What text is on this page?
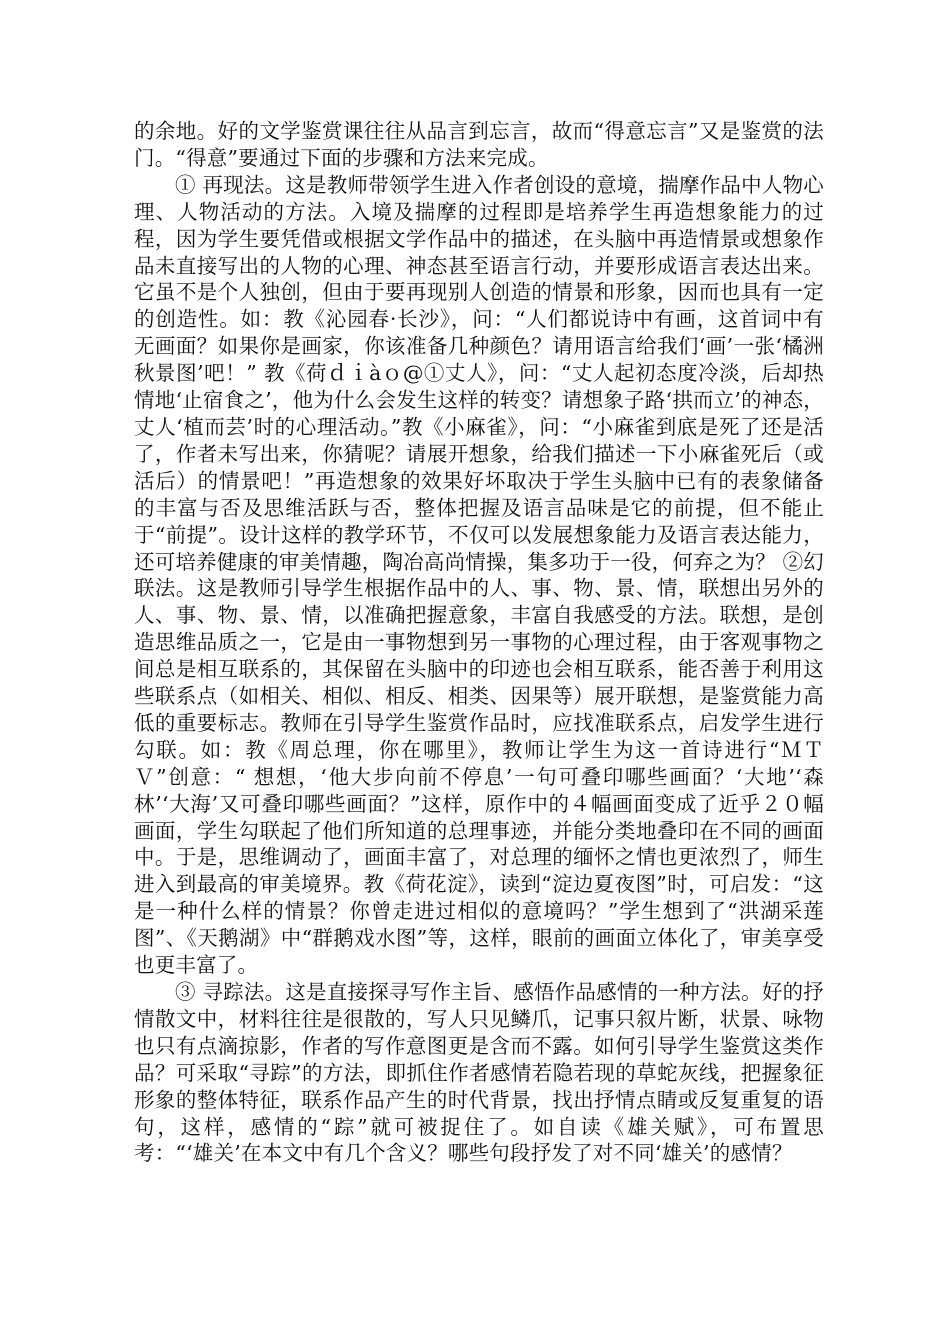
的余地。好的文学鉴赏课往往从品言到忘言，故而“得意忘言”又是鉴赏的法门。“得意”要通过下面的步骤和方法来完成。

① 再现法。这是教师带领学生进入作者创设的意境，揣摩作品中人物心理、人物活动的方法。入境及揣摩的过程即是培养学生再造想象能力的过程，因为学生要凭借或根据文学作品中的描述，在头脑中再造情景或想象作品未直接写出的人物的心理、神态甚至语言行动，并要形成语言表达出来。它虽不是个人独创，但由于要再现别人创造的情景和形象，因而也具有一定的创造性。如：教《沁园春·长沙》，问：“人们都说诗中有画，这首词中有无画面？如果你是画家，你该准备几种颜色？请用语言给我们‘画’一张‘橘洲秋景图’吧！” 教《荷ｄｉàｏ@①丈人》，问：“丈人起初态度冷淡，后却热情地‘止宿食之’，他为什么会发生这样的转变？请想象子路‘拱而立’的神态，丈人‘植而芸’时的心理活动。”教《小麻雀》，问：“小麻雀到底是死了还是活了，作者未写出来，你猜呢？请展开想象，给我们描述一下小麻雀死后（或活后）的情景吧！”再造想象的效果好坏取决于学生头脑中已有的表象储备的丰富与否及思维活跃与否，整体把握及语言品味是它的前提，但不能止于“前提”。设计这样的教学环节，不仅可以发展想象能力及语言表达能力，还可培养健康的审美情趣，陶冶高尚情操，集多功于一役，何弃之为？ ②幻联法。这是教师引导学生根据作品中的人、事、物、景、情，联想出另外的人、事、物、景、情，以准确把握意象，丰富自我感受的方法。联想，是创造思维品质之一，它是由一事物想到另一事物的心理过程，由于客观事物之间总是相互联系的，其保留在头脑中的印迹也会相互联系，能否善于利用这些联系点（如相关、相似、相反、相类、因果等）展开联想，是鉴赏能力高低的重要标志。教师在引导学生鉴赏作品时，应找准联系点，启发学生进行勾联。如：教《周总理，你在哪里》，教师让学生为这一首诗进行“ＭＴＶ”创意：“ 想想，‘他大步向前不停息’一句可叠印哪些画面？‘大地’‘森林’‘大海’又可叠印哪些画面？”这样，原作中的４幅画面变成了近乎２０幅画面，学生勾联起了他们所知道的总理事迹，并能分类地叠印在不同的画面中。于是，思维调动了，画面丰富了，对总理的缅怀之情也更浓烈了，师生进入到最高的审美境界。教《荷花淀》，读到“淀边夏夜图”时，可启发：“这是一种什么样的情景？你曾走进过相似的意境吗？”学生想到了“洪湖采莲图”、《天鹅湖》中“群鹅戏水图”等，这样，眼前的画面立体化了，审美享受也更丰富了。

③ 寻踪法。这是直接探寻写作主旨、感悟作品感情的一种方法。好的抒情散文中，材料往往是很散的，写人只见鳞爪，记事只叙片断，状景、咏物也只有点滴掠影，作者的写作意图更是含而不露。如何引导学生鉴赏这类作品？可采取“寻踪”的方法，即抓住作者感情若隐若现的草蛇灰线，把握象征形象的整体特征，联系作品产生的时代背景，找出抒情点睛或反复重复的语句，这样，感情的“踪”就可被捉住了。如自读《雄关赋》，可布置思考：“‘雄关’在本文中有几个含义？哪些句段抒发了对不同‘雄关’的感情？
